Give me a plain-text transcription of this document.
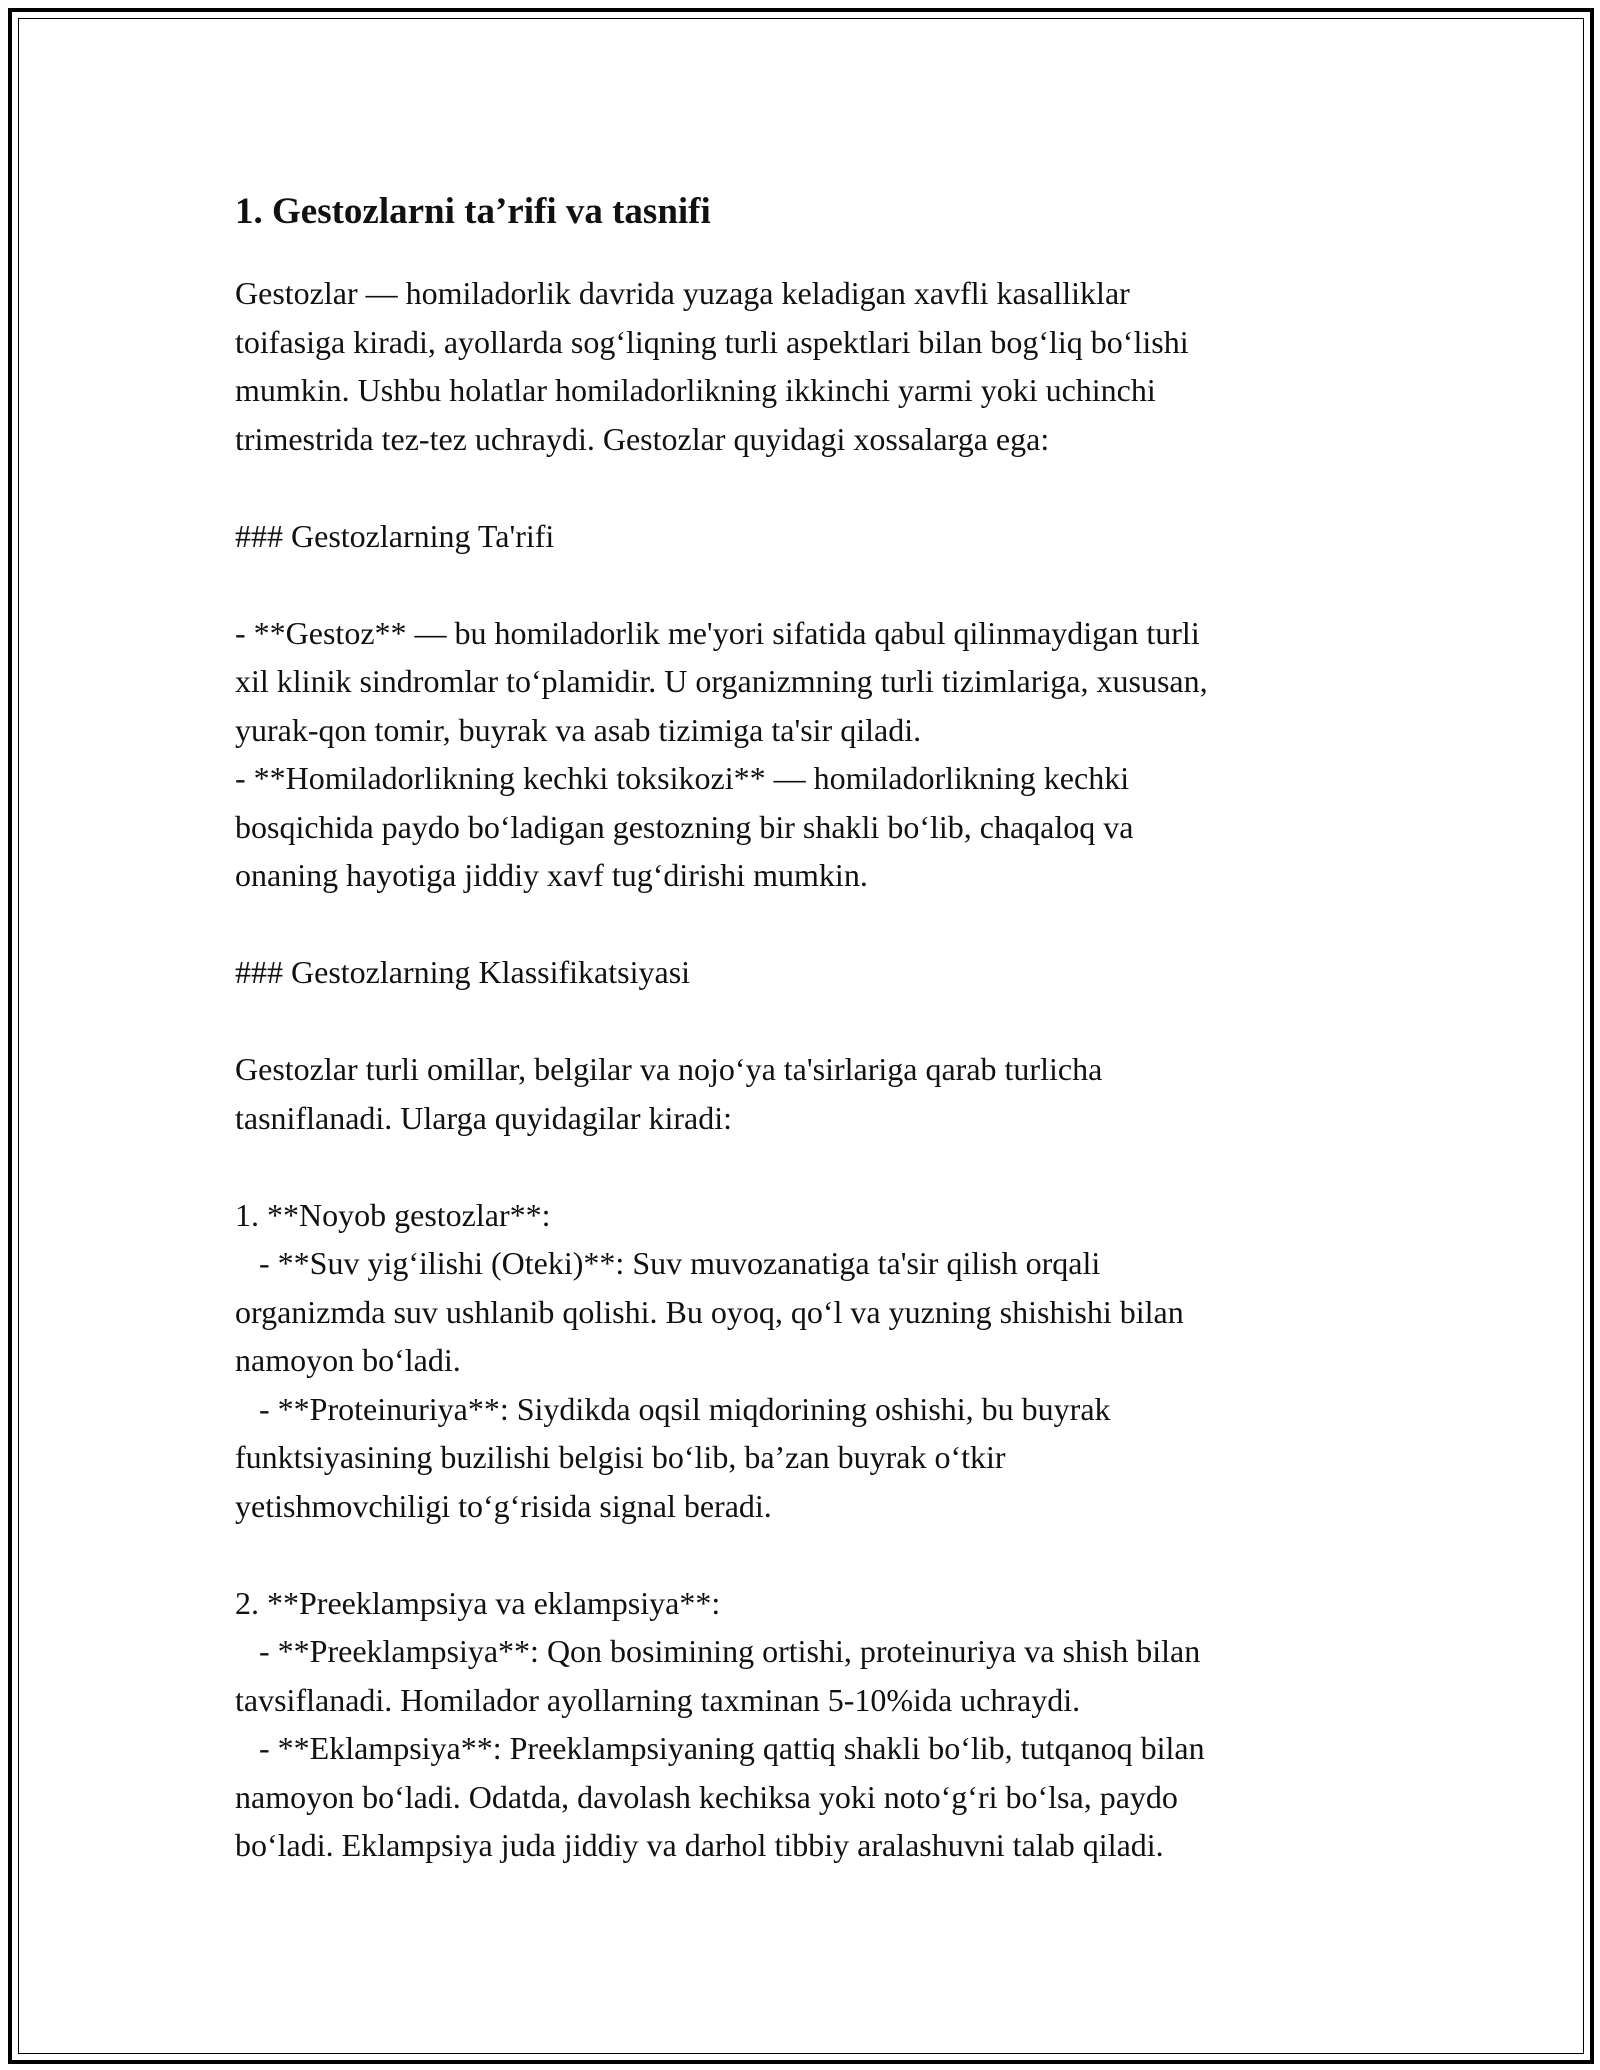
1. Gestozlarni ta’rifi va tasnifi

Gestozlar — homiladorlik davrida yuzaga keladigan xavfli kasalliklar
toifasiga kiradi, ayollarda sog‘liqning turli aspektlari bilan bog‘liq bo‘lishi
mumkin. Ushbu holatlar homiladorlikning ikkinchi yarmi yoki uchinchi
trimestrida tez-tez uchraydi. Gestozlar quyidagi xossalarga ega:

### Gestozlarning Ta'rifi

- **Gestoz** — bu homiladorlik me'yori sifatida qabul qilinmaydigan turli
xil klinik sindromlar to‘plamidir. U organizmning turli tizimlariga, xususan,
yurak-qon tomir, buyrak va asab tizimiga ta'sir qiladi.
- **Homiladorlikning kechki toksikozi** — homiladorlikning kechki
bosqichida paydo bo‘ladigan gestozning bir shakli bo‘lib, chaqaloq va
onaning hayotiga jiddiy xavf tug‘dirishi mumkin.

### Gestozlarning Klassifikatsiyasi

Gestozlar turli omillar, belgilar va nojo‘ya ta'sirlariga qarab turlicha
tasniflanadi. Ularga quyidagilar kiradi:

1. **Noyob gestozlar**:
- **Suv yig‘ilishi (Oteki)**: Suv muvozanatiga ta'sir qilish orqali
organizmda suv ushlanib qolishi. Bu oyoq, qo‘l va yuzning shishishi bilan
namoyon bo‘ladi.
- **Proteinuriya**: Siydikda oqsil miqdorining oshishi, bu buyrak
funktsiyasining buzilishi belgisi bo‘lib, ba’zan buyrak o‘tkir
yetishmovchiligi to‘g‘risida signal beradi.

2. **Preeklampsiya va eklampsiya**:
- **Preeklampsiya**: Qon bosimining ortishi, proteinuriya va shish bilan
tavsiflanadi. Homilador ayollarning taxminan 5-10%ida uchraydi.
- **Eklampsiya**: Preeklampsiyaning qattiq shakli bo‘lib, tutqanoq bilan
namoyon bo‘ladi. Odatda, davolash kechiksa yoki noto‘g‘ri bo‘lsa, paydo
bo‘ladi. Eklampsiya juda jiddiy va darhol tibbiy aralashuvni talab qiladi.
